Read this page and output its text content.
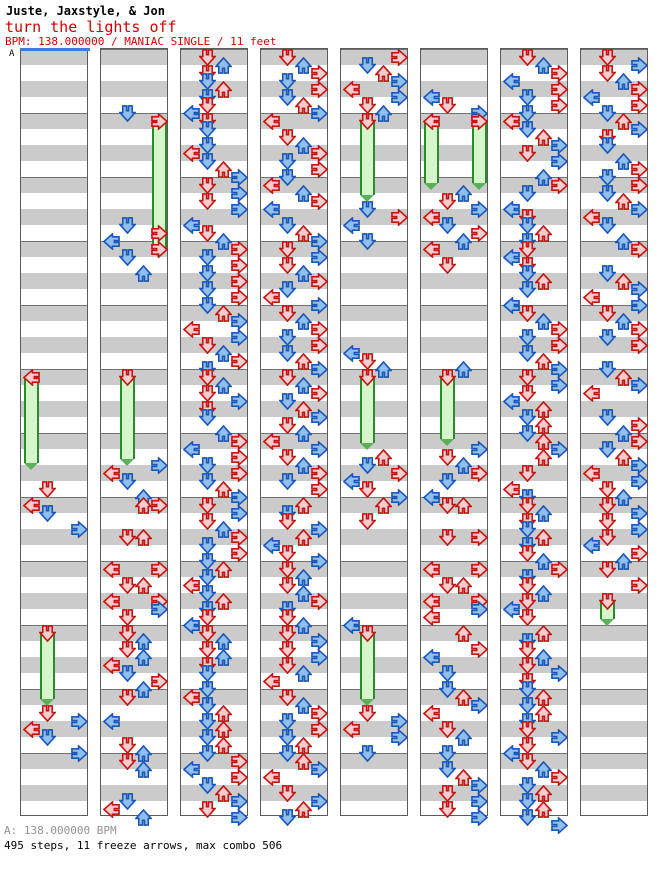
Juste, Jaxstyle, & Jon
turn the lights off
BPM: 138.000000 / MANIAC SINGLE / 11 feet
A
A: 138.000000 BPM
495 steps, 11 freeze arrows, max combo 506
